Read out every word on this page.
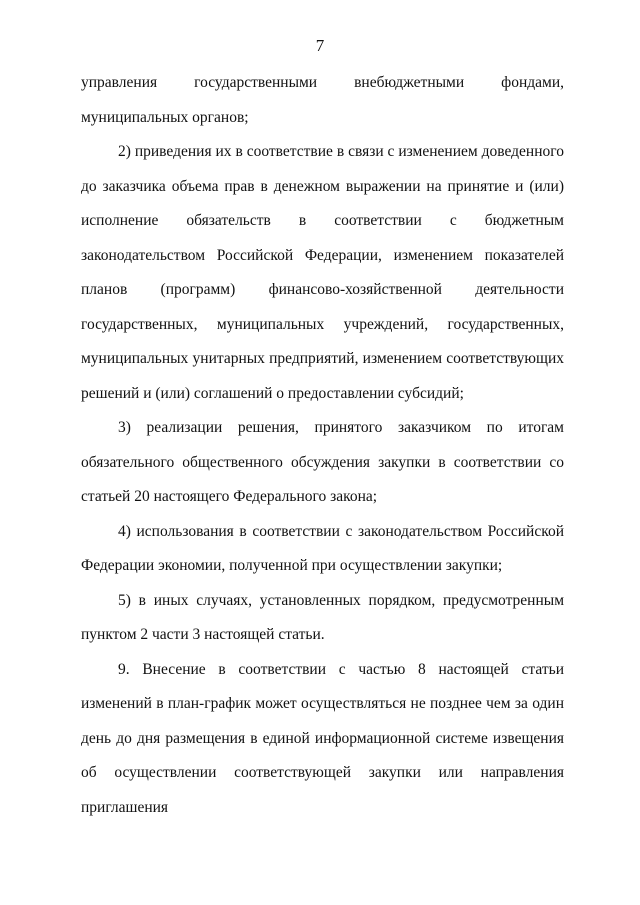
7

управления государственными внебюджетными фондами, муниципальных органов;

2) приведения их в соответствие в связи с изменением доведенного до заказчика объема прав в денежном выражении на принятие и (или) исполнение обязательств в соответствии с бюджетным законодательством Российской Федерации, изменением показателей планов (программ) финансово-хозяйственной деятельности государственных, муниципальных учреждений, государственных, муниципальных унитарных предприятий, изменением соответствующих решений и (или) соглашений о предоставлении субсидий;

3) реализации решения, принятого заказчиком по итогам обязательного общественного обсуждения закупки в соответствии со статьей 20 настоящего Федерального закона;

4) использования в соответствии с законодательством Российской Федерации экономии, полученной при осуществлении закупки;

5) в иных случаях, установленных порядком, предусмотренным пунктом 2 части 3 настоящей статьи.

9. Внесение в соответствии с частью 8 настоящей статьи изменений в план-график может осуществляться не позднее чем за один день до дня размещения в единой информационной системе извещения об осуществлении соответствующей закупки или направления приглашения
